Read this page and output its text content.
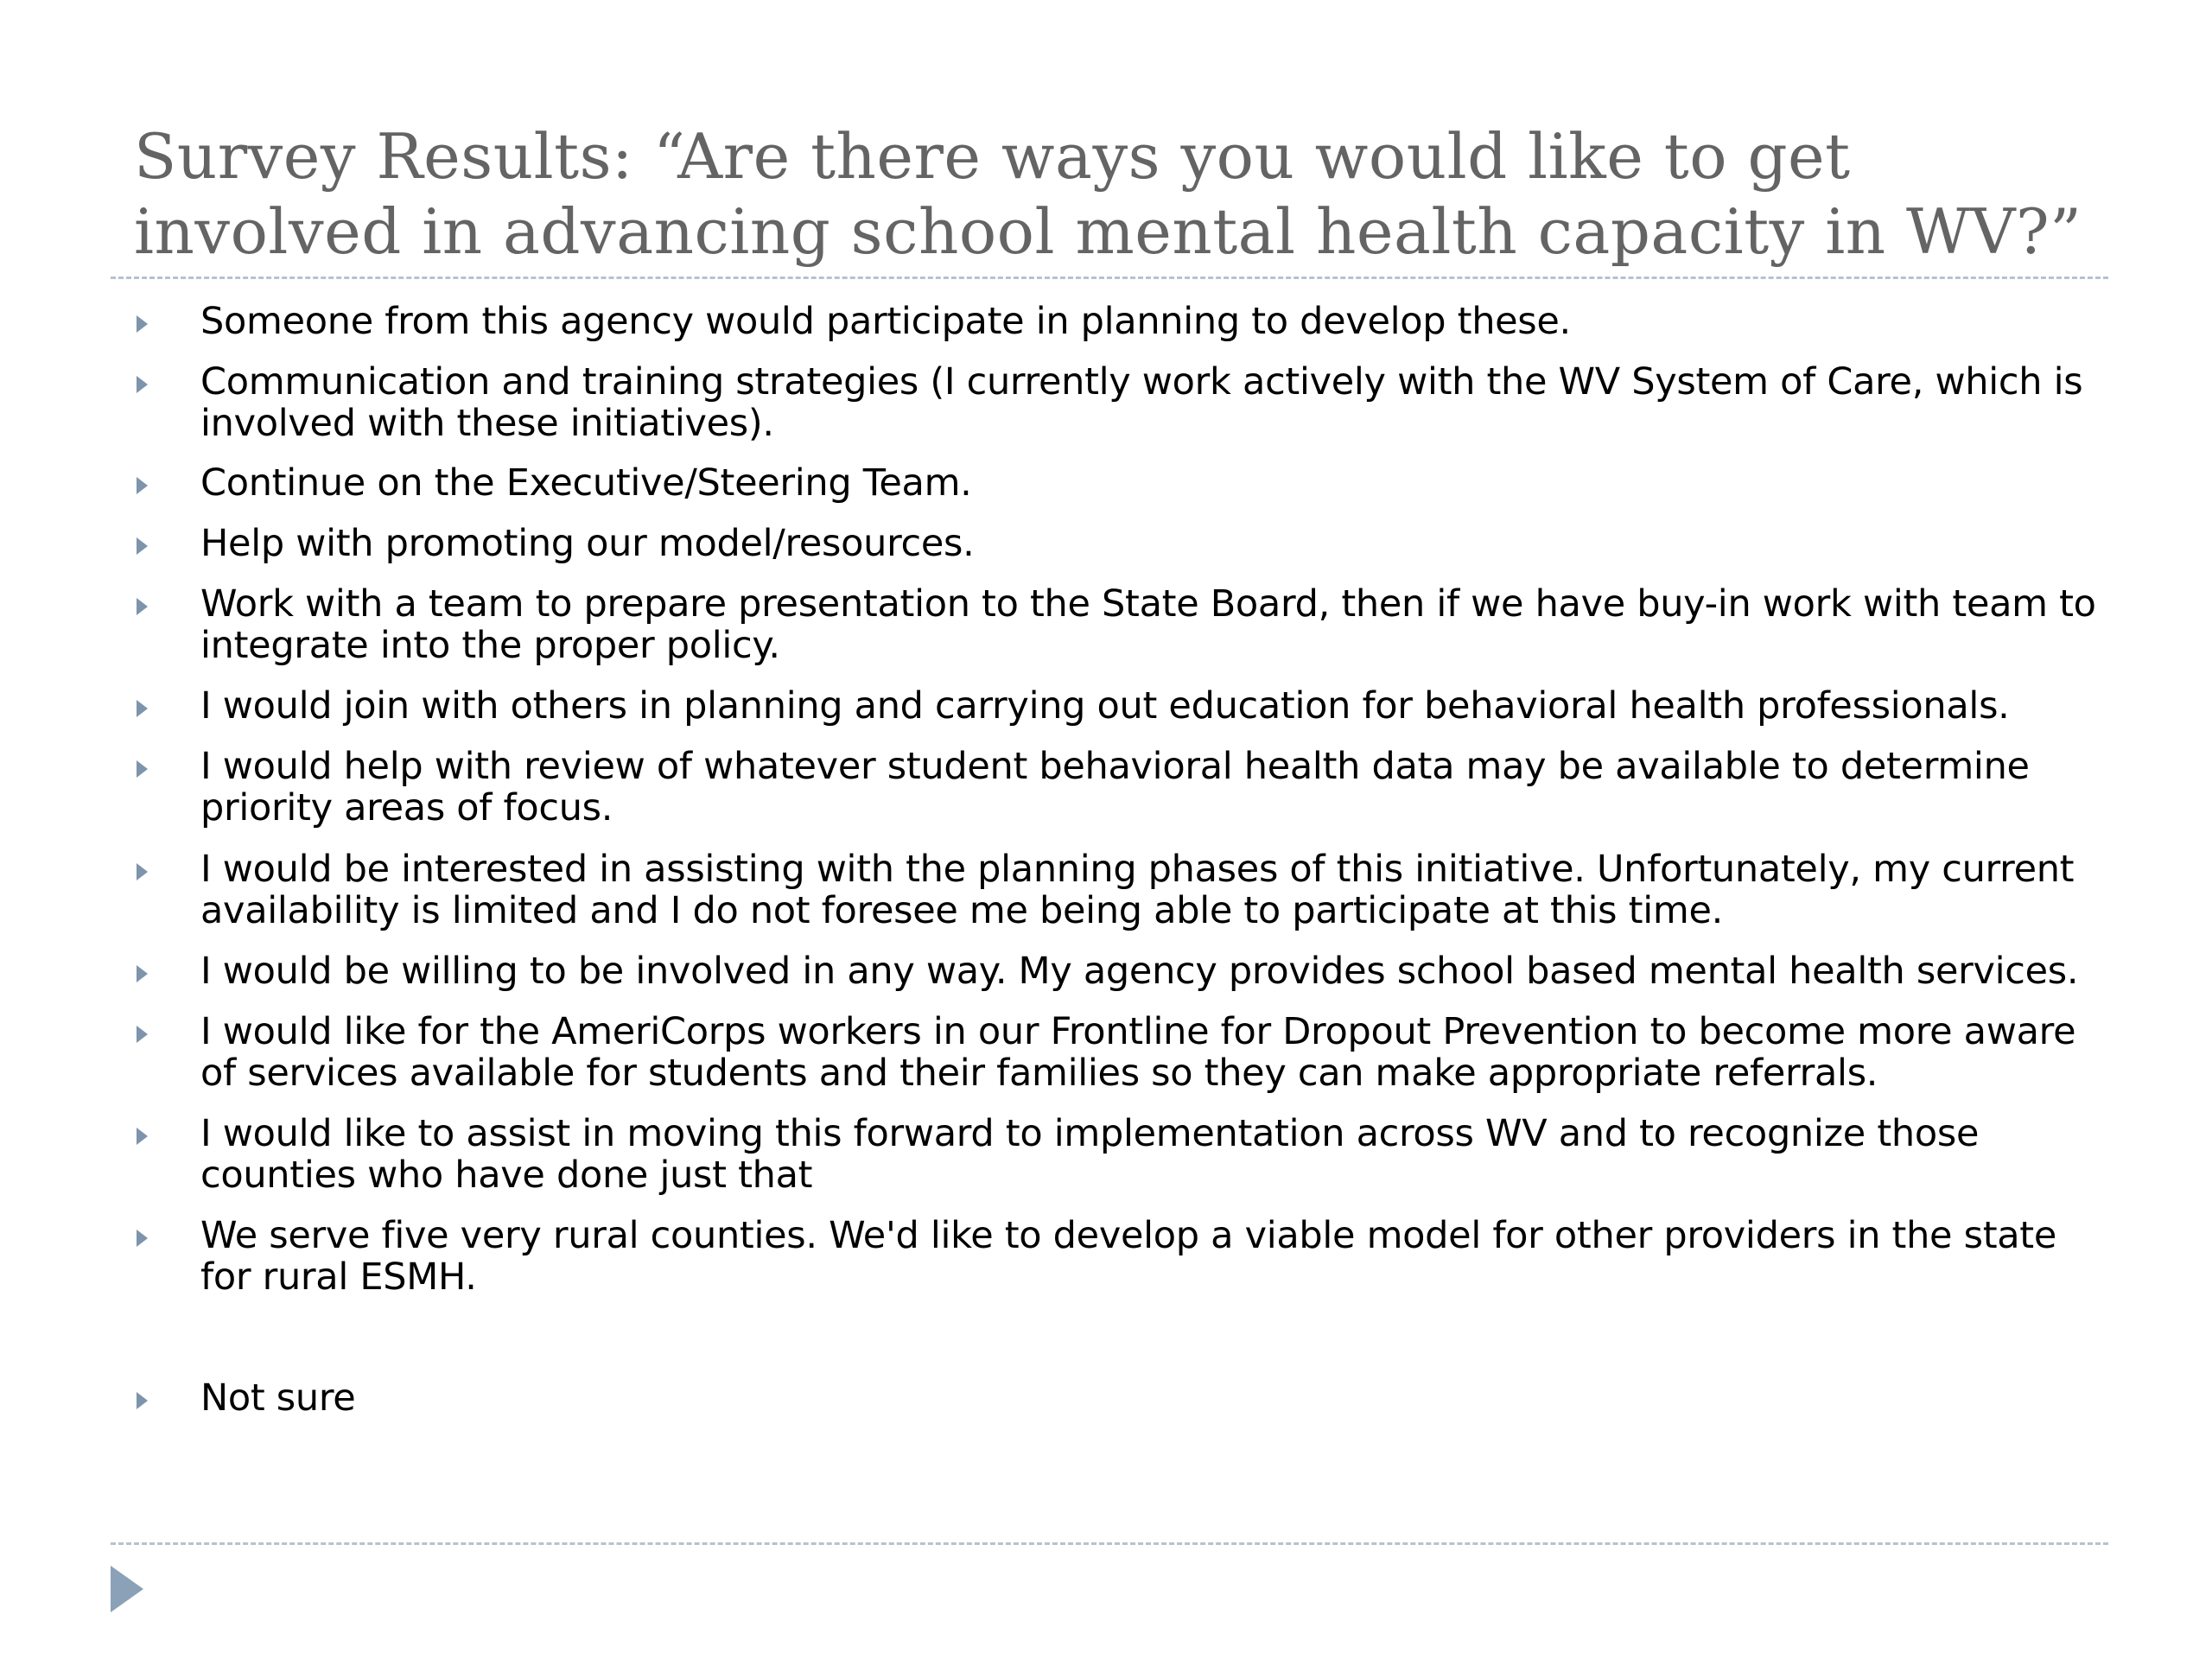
Survey Results: “Are there ways you would like to get involved in advancing school mental health capacity in WV?”
Someone from this agency would participate in planning to develop these.
Communication and training strategies (I currently work actively with the WV System of Care, which is involved with these initiatives).
Continue on the Executive/Steering Team.
Help with promoting our model/resources.
Work with a team to prepare presentation to the State Board, then if we have buy-in work with team to integrate into the proper policy.
I would join with others in planning and carrying out education for behavioral health professionals.
I would help with review of whatever student behavioral health data may be available to determine priority areas of focus.
I would be interested in assisting with the planning phases of this initiative. Unfortunately, my current availability is limited and I do not foresee me being able to participate at this time.
I would be willing to be involved in any way. My agency provides school based mental health services.
I would like for the AmeriCorps workers in our Frontline for Dropout Prevention to become more aware of services available for students and their families so they can make appropriate referrals.
I would like to assist in moving this forward to implementation across WV and to recognize those counties who have done just that
We serve five very rural counties. We'd like to develop a viable model for other providers in the state for rural ESMH.
Not sure
